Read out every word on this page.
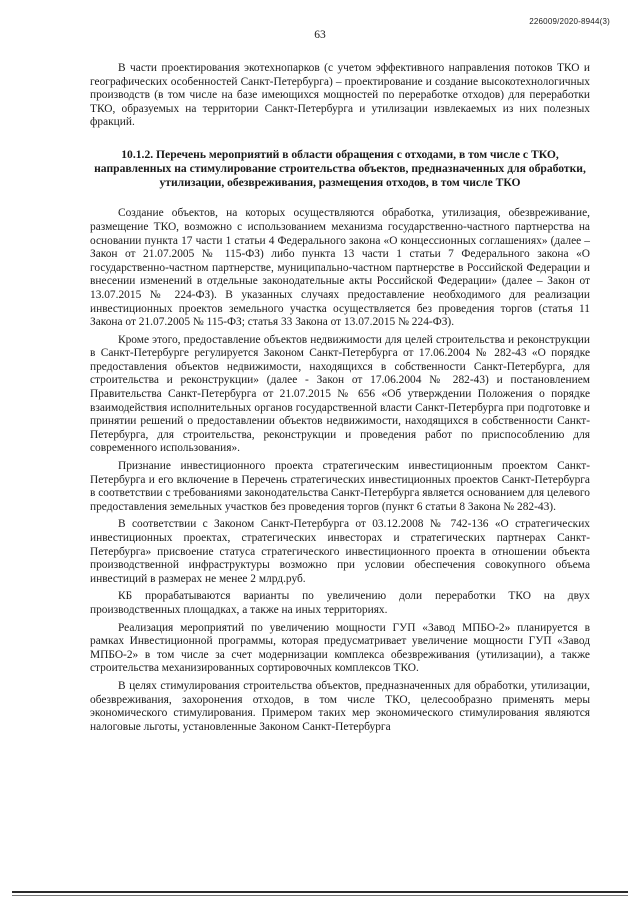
226009/2020-8944(3)
63

В части проектирования экотехнопарков (с учетом эффективного направления потоков ТКО и географических особенностей Санкт-Петербурга) – проектирование и создание высокотехнологичных производств (в том числе на базе имеющихся мощностей по переработке отходов) для переработки ТКО, образуемых на территории Санкт-Петербурга и утилизации извлекаемых из них полезных фракций.

10.1.2. Перечень мероприятий в области обращения с отходами, в том числе с ТКО, направленных на стимулирование строительства объектов, предназначенных для обработки, утилизации, обезвреживания, размещения отходов, в том числе ТКО

Создание объектов, на которых осуществляются обработка, утилизация, обезвреживание, размещение ТКО, возможно с использованием механизма государственно-частного партнерства на основании пункта 17 части 1 статьи 4 Федерального закона «О концессионных соглашениях» (далее – Закон от 21.07.2005 № 115-ФЗ) либо пункта 13 части 1 статьи 7 Федерального закона «О государственно-частном партнерстве, муниципально-частном партнерстве в Российской Федерации и внесении изменений в отдельные законодательные акты Российской Федерации» (далее – Закон от 13.07.2015 № 224-ФЗ). В указанных случаях предоставление необходимого для реализации инвестиционных проектов земельного участка осуществляется без проведения торгов (статья 11 Закона от 21.07.2005 № 115-ФЗ; статья 33 Закона от 13.07.2015 № 224-ФЗ).

Кроме этого, предоставление объектов недвижимости для целей строительства и реконструкции в Санкт-Петербурге регулируется Законом Санкт-Петербурга от 17.06.2004 № 282-43 «О порядке предоставления объектов недвижимости, находящихся в собственности Санкт-Петербурга, для строительства и реконструкции» (далее - Закон от 17.06.2004 № 282-43) и постановлением Правительства Санкт-Петербурга от 21.07.2015 № 656 «Об утверждении Положения о порядке взаимодействия исполнительных органов государственной власти Санкт-Петербурга при подготовке и принятии решений о предоставлении объектов недвижимости, находящихся в собственности Санкт-Петербурга, для строительства, реконструкции и проведения работ по приспособлению для современного использования».

Признание инвестиционного проекта стратегическим инвестиционным проектом Санкт-Петербурга и его включение в Перечень стратегических инвестиционных проектов Санкт-Петербурга в соответствии с требованиями законодательства Санкт-Петербурга является основанием для целевого предоставления земельных участков без проведения торгов (пункт 6 статьи 8 Закона № 282-43).

В соответствии с Законом Санкт-Петербурга от 03.12.2008 № 742-136 «О стратегических инвестиционных проектах, стратегических инвесторах и стратегических партнерах Санкт-Петербурга» присвоение статуса стратегического инвестиционного проекта в отношении объекта производственной инфраструктуры возможно при условии обеспечения совокупного объема инвестиций в размерах не менее 2 млрд.руб.

КБ прорабатываются варианты по увеличению доли переработки ТКО на двух производственных площадках, а также на иных территориях.

Реализация мероприятий по увеличению мощности ГУП «Завод МПБО-2» планируется в рамках Инвестиционной программы, которая предусматривает увеличение мощности ГУП «Завод МПБО-2» в том числе за счет модернизации комплекса обезвреживания (утилизации), а также строительства механизированных сортировочных комплексов ТКО.

В целях стимулирования строительства объектов, предназначенных для обработки, утилизации, обезвреживания, захоронения отходов, в том числе ТКО, целесообразно применять меры экономического стимулирования. Примером таких мер экономического стимулирования являются налоговые льготы, установленные Законом Санкт-Петербурга
